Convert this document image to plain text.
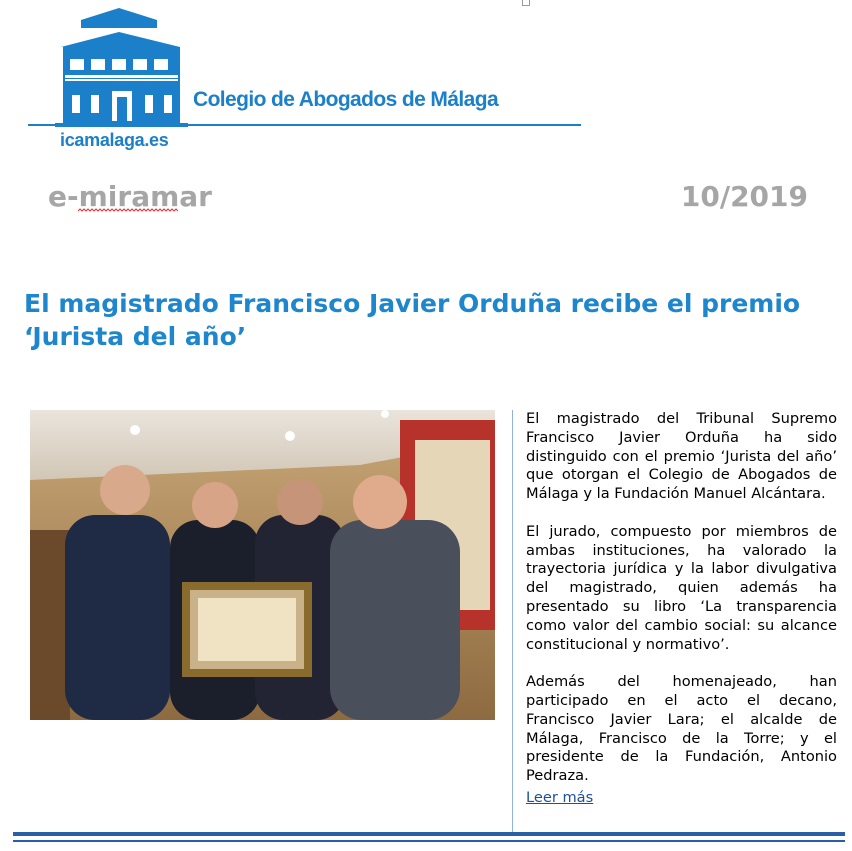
Colegio de Abogados de Málaga
icamalaga.es
e-miramar	10/2019
El magistrado Francisco Javier Orduña recibe el premio ‘Jurista del año’

El magistrado del Tribunal Supremo Francisco Javier Orduña ha sido distinguido con el premio ‘Jurista del año’ que otorgan el Colegio de Abogados de Málaga y la Fundación Manuel Alcántara.

El jurado, compuesto por miembros de ambas instituciones, ha valorado la trayectoria jurídica y la labor divulgativa del magistrado, quien además ha presentado su libro ‘La transparencia como valor del cambio social: su alcance constitucional y normativo’.

Además del homenajeado, han participado en el acto el decano, Francisco Javier Lara; el alcalde de Málaga, Francisco de la Torre; y el presidente de la Fundación, Antonio Pedraza.

Leer más
